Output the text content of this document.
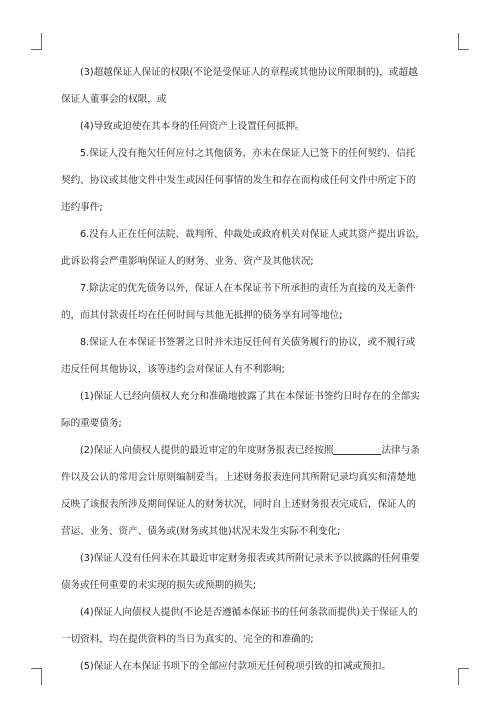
(3)超越保证人保证的权限(不论是受保证人的章程或其他协议所限制的)，或超越
保证人董事会的权限，或

(4)导致或迫使在其本身的任何资产上设置任何抵押。

5.保证人没有拖欠任何应付之其他债务，亦未在保证人已签下的任何契约、信托
契约、协议或其他文件中发生或因任何事情的发生和存在而构成任何文件中所定下的
违约事件;

6.没有人正在任何法院、裁判所、仲裁处或政府机关对保证人或其资产提出诉讼，
此诉讼将会严重影响保证人的财务、业务、资产及其他状况;

7.除法定的优先债务以外，保证人在本保证书下所承担的责任为直接的及无条件
的，而其付款责任均在任何时间与其他无抵押的债务享有同等地位;

8.保证人在本保证书签署之日时并未违反任何有关债务履行的协议，或不履行或
违反任何其他协议，该等违约会对保证人有不利影响;

(1)保证人已经向债权人充分和准确地披露了其在本保证书签约日时存在的全部实
际的重要债务;

(2)保证人向债权人提供的最近审定的年度财务报表已经按照	法律与条
件以及公认的常用会计原则编制妥当。上述财务报表连同其所附记录均真实和清楚地
反映了该报表所涉及期间保证人的财务状况，同时自上述财务报表完成后，保证人的
营运、业务、资产、债务或(财务或其他)状况未发生实际不利变化;

(3)保证人没有任何未在其最近审定财务报表或其所附记录未予以披露的任何重要
债务或任何重要的未实现的损失或预期的损失;

(4)保证人向债权人提供(不论是否遵循本保证书的任何条款而提供)关于保证人的
一切资料，均在提供资料的当日为真实的、完全的和准确的;

(5)保证人在本保证书项下的全部应付款项无任何税项引致的扣减或预扣。
